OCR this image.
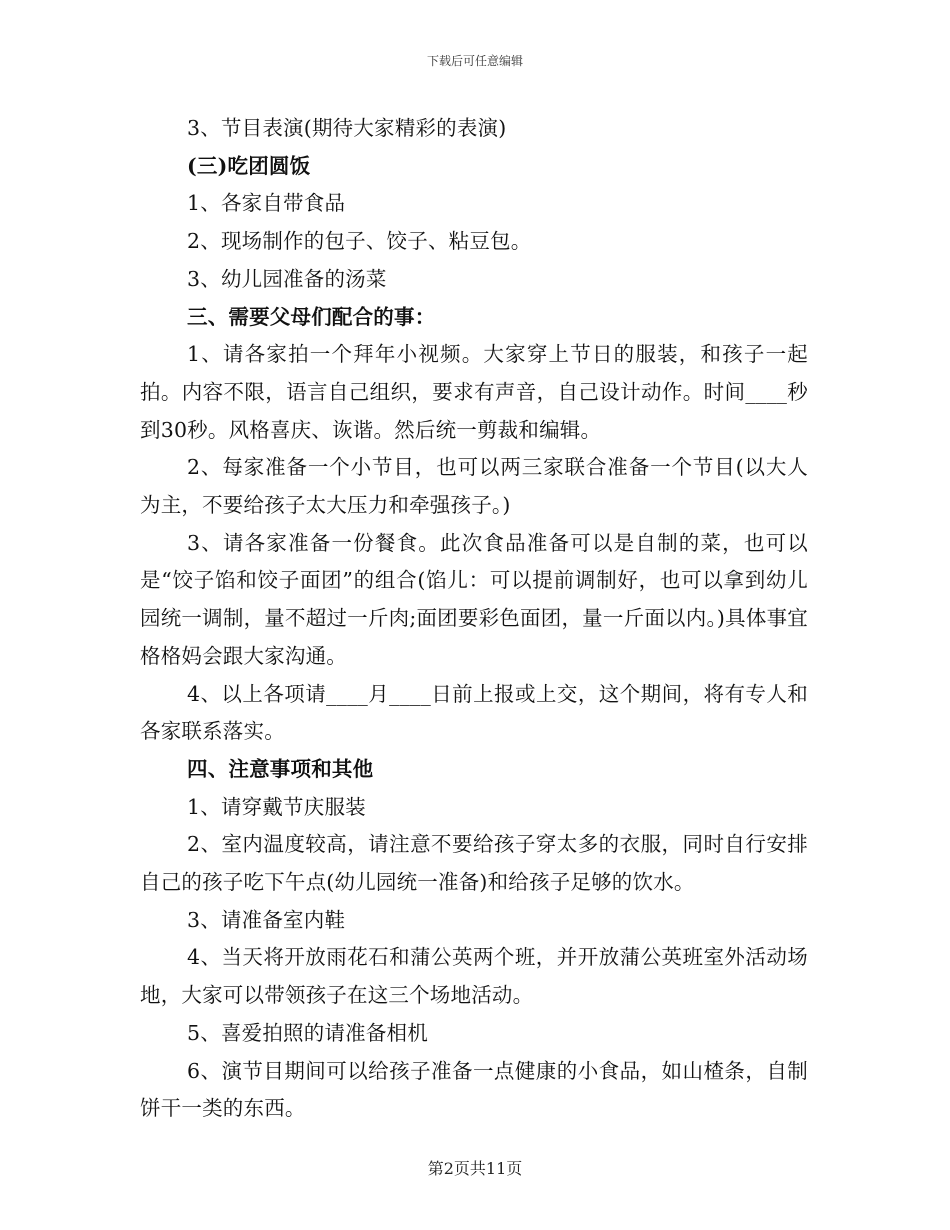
下载后可任意编辑
3、节目表演(期待大家精彩的表演)
(三)吃团圆饭
1、各家自带食品
2、现场制作的包子、饺子、粘豆包。
3、幼儿园准备的汤菜
三、需要父母们配合的事：
1、请各家拍一个拜年小视频。大家穿上节日的服装，和孩子一起拍。内容不限，语言自己组织，要求有声音，自己设计动作。时间____秒到30秒。风格喜庆、诙谐。然后统一剪裁和编辑。
2、每家准备一个小节目，也可以两三家联合准备一个节目(以大人为主，不要给孩子太大压力和牵强孩子。)
3、请各家准备一份餐食。此次食品准备可以是自制的菜，也可以是“饺子馅和饺子面团”的组合(馅儿：可以提前调制好，也可以拿到幼儿园统一调制，量不超过一斤肉;面团要彩色面团，量一斤面以内。)具体事宜格格妈会跟大家沟通。
4、以上各项请____月____日前上报或上交，这个期间，将有专人和各家联系落实。
四、注意事项和其他
1、请穿戴节庆服装
2、室内温度较高，请注意不要给孩子穿太多的衣服，同时自行安排自己的孩子吃下午点(幼儿园统一准备)和给孩子足够的饮水。
3、请准备室内鞋
4、当天将开放雨花石和蒲公英两个班，并开放蒲公英班室外活动场地，大家可以带领孩子在这三个场地活动。
5、喜爱拍照的请准备相机
6、演节目期间可以给孩子准备一点健康的小食品，如山楂条，自制饼干一类的东西。
第2页共11页
